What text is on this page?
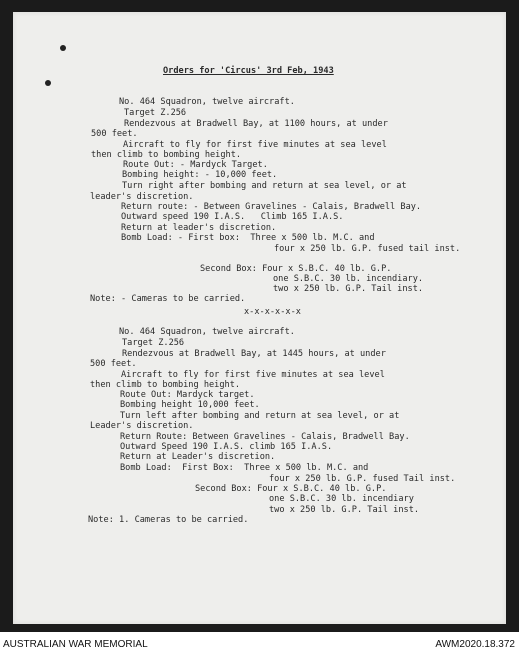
Orders for 'Circus' 3rd Feb, 1943

No. 464 Squadron, twelve aircraft.

Target Z.256

Rendezvous at Bradwell Bay, at 1100 hours, at under

500 feet.

Aircraft to fly for first five minutes at sea level

then climb to bombing height.

Route Out: - Mardyck Target.

Bombing height: - 10,000 feet.

Turn right after bombing and return at sea level, or at

leader's discretion.

Return route: - Between Gravelines - Calais, Bradwell Bay.

Outward speed 190 I.A.S.   Climb 165 I.A.S.

Return at leader's discretion.

Bomb Load: - First box:  Three x 500 lb. M.C. and

four x 250 lb. G.P. fused tail inst.

Second Box: Four x S.B.C. 40 lb. G.P.

one S.B.C. 30 lb. incendiary.

two x 250 lb. G.P. Tail inst.

Note: - Cameras to be carried.

x-x-x-x-x-x

No. 464 Squadron, twelve aircraft.

Target Z.256

Rendezvous at Bradwell Bay, at 1445 hours, at under

500 feet.

Aircraft to fly for first five minutes at sea level

then climb to bombing height.

Route Out: Mardyck target.

Bombing height 10,000 feet.

Turn left after bombing and return at sea level, or at

Leader's discretion.

Return Route: Between Gravelines - Calais, Bradwell Bay.

Outward Speed 190 I.A.S. climb 165 I.A.S.

Return at Leader's discretion.

Bomb Load:  First Box:  Three x 500 lb. M.C. and

four x 250 lb. G.P. fused Tail inst.

Second Box: Four x S.B.C. 40 lb. G.P.

one S.B.C. 30 lb. incendiary

two x 250 lb. G.P. Tail inst.

Note: 1. Cameras to be carried.

AUSTRALIAN WAR MEMORIAL	AWM2020.18.372
